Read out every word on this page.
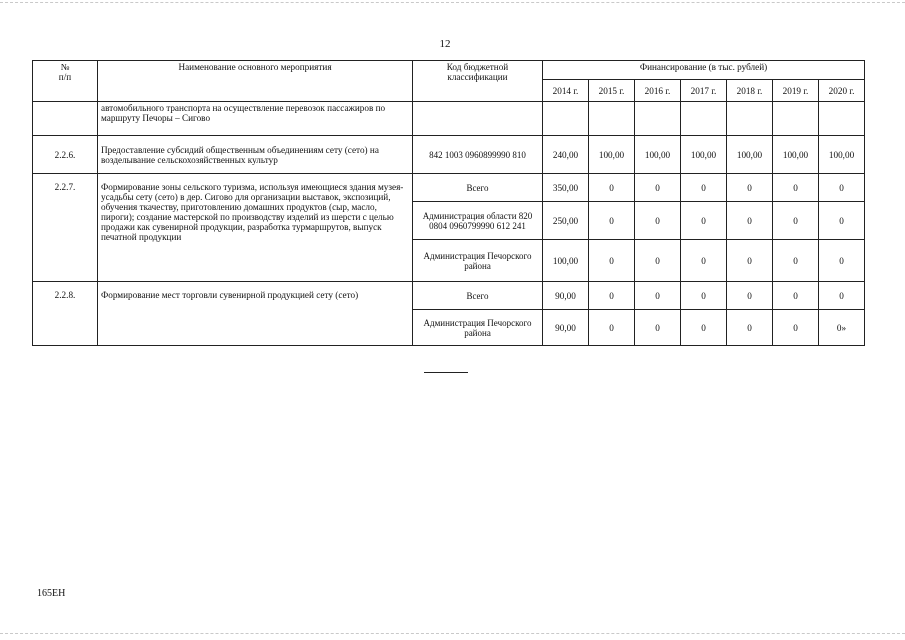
12
№
п/п	Наименование основного мероприятия	Код бюджетной классификации	Финансирование (в тыс. рублей)						
			2014 г.	2015 г.	2016 г.	2017 г.	2018 г.	2019 г.	2020 г.
	автомобильного транспорта на осуществление перевозок пассажиров по маршруту Печоры – Сигово								
2.2.6.	Предоставление субсидий общественным объединениям сету (сето) на возделывание сельскохозяйственных культур	842 1003 0960899990 810	240,00	100,00	100,00	100,00	100,00	100,00	100,00
2.2.7.	Формирование зоны сельского туризма, используя имеющиеся здания музея-усадьбы сету (сето) в дер. Сигово для организации выставок, экспозиций, обучения ткачеству, приготовлению домашних продуктов (сыр, масло, пироги); создание мастерской по производству изделий из шерсти с целью продажи как сувенирной продукции, разработка турмаршрутов, выпуск печатной продукции	Всего	350,00	0	0	0	0	0	0
		Администрация области 820 0804 0960799990 612 241	250,00	0	0	0	0	0	0
		Администрация Печорского района	100,00	0	0	0	0	0	0
2.2.8.	Формирование мест торговли сувенирной продукцией сету (сето)	Всего	90,00	0	0	0	0	0	0
		Администрация Печорского района	90,00	0	0	0	0	0	0»
165ЕН
